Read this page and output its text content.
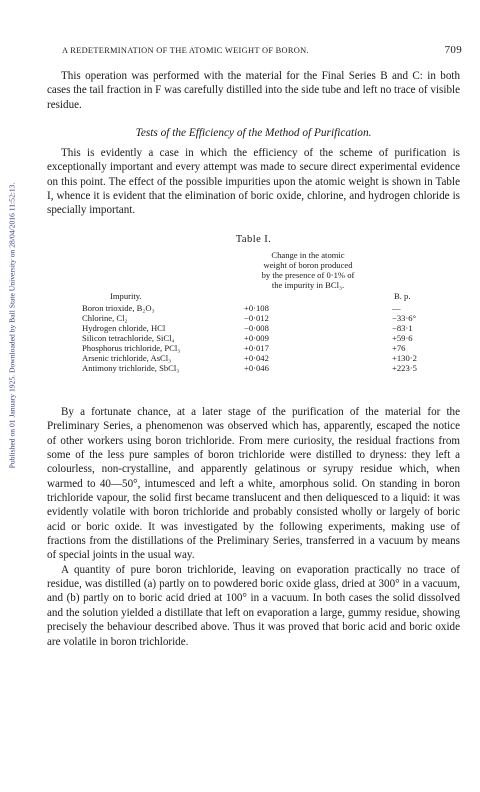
Published on 01 January 1925. Downloaded by Ball State University on 28/04/2016 11:52:13.
A REDETERMINATION OF THE ATOMIC WEIGHT OF BORON.	709

This operation was performed with the material for the Final Series B and C: in both cases the tail fraction in F was carefully distilled into the side tube and left no trace of visible residue.

Tests of the Efficiency of the Method of Purification.

This is evidently a case in which the efficiency of the scheme of purification is exceptionally important and every attempt was made to secure direct experimental evidence on this point. The effect of the possible impurities upon the atomic weight is shown in Table I, whence it is evident that the elimination of boric oxide, chlorine, and hydrogen chloride is specially important.

Table I.
Change in the atomic
weight of boron produced
by the presence of 0·1% of
the impurity in BCl₃.
Impurity.	B. p.
Boron trioxide, B₂O₃	+0·108	—
Chlorine, Cl₂	−0·012	−33·6°
Hydrogen chloride, HCl	−0·008	−83·1
Silicon tetrachloride, SiCl₄	+0·009	+59·6
Phosphorus trichloride, PCl₃	+0·017	+76
Arsenic trichloride, AsCl₃	+0·042	+130·2
Antimony trichloride, SbCl₃	+0·046	+223·5

By a fortunate chance, at a later stage of the purification of the material for the Preliminary Series, a phenomenon was observed which has, apparently, escaped the notice of other workers using boron trichloride. From mere curiosity, the residual fractions from some of the less pure samples of boron trichloride were distilled to dryness: they left a colourless, non-crystalline, and apparently gelatinous or syrupy residue which, when warmed to 40—50°, intumesced and left a white, amorphous solid. On standing in boron trichloride vapour, the solid first became translucent and then deliquesced to a liquid: it was evidently volatile with boron trichloride and probably consisted wholly or largely of boric acid or boric oxide. It was investigated by the following experiments, making use of fractions from the distillations of the Preliminary Series, transferred in a vacuum by means of special joints in the usual way.

A quantity of pure boron trichloride, leaving on evaporation practically no trace of residue, was distilled (a) partly on to powdered boric oxide glass, dried at 300° in a vacuum, and (b) partly on to boric acid dried at 100° in a vacuum. In both cases the solid dissolved and the solution yielded a distillate that left on evaporation a large, gummy residue, showing precisely the behaviour described above. Thus it was proved that boric acid and boric oxide are volatile in boron trichloride.
